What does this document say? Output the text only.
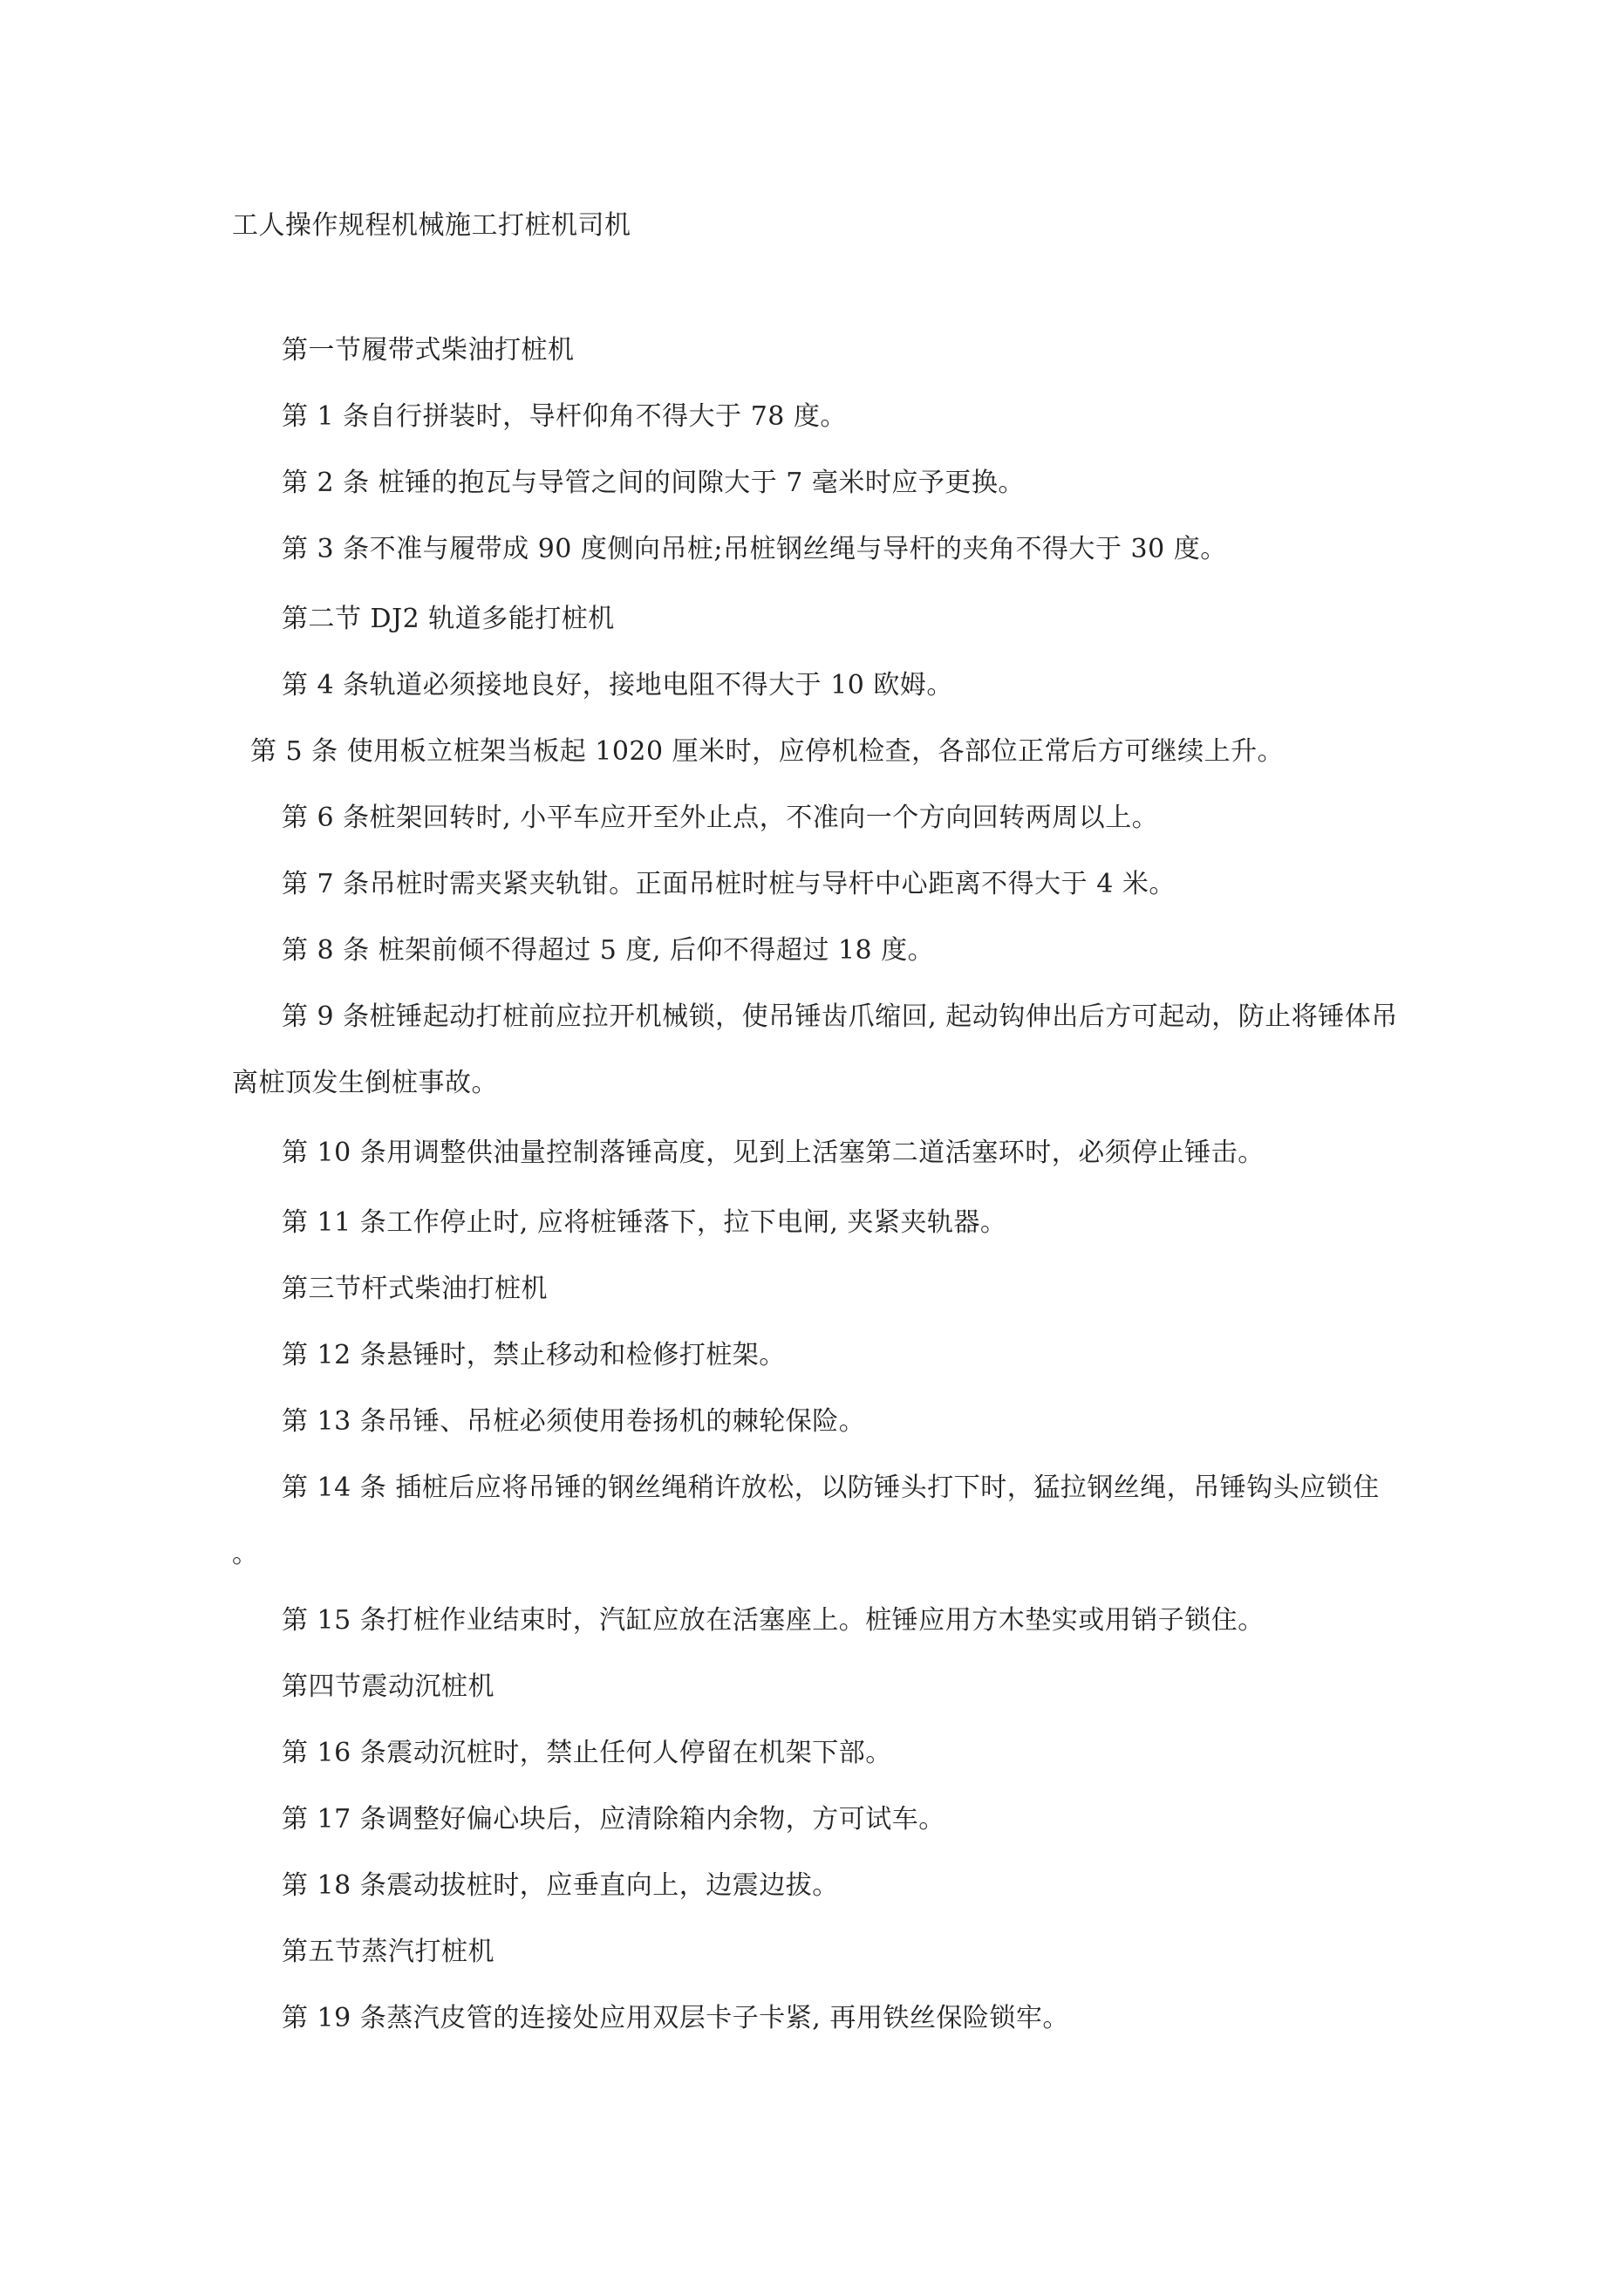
工人操作规程机械施工打桩机司机

第一节履带式柴油打桩机

第 1 条自行拼装时，导杆仰角不得大于 78 度。

第 2 条 桩锤的抱瓦与导管之间的间隙大于 7 毫米时应予更换。

第 3 条不准与履带成 90 度侧向吊桩;吊桩钢丝绳与导杆的夹角不得大于 30 度。

第二节 DJ2 轨道多能打桩机

第 4 条轨道必须接地良好，接地电阻不得大于 10 欧姆。

第 5 条 使用板立桩架当板起 1020 厘米时，应停机检查，各部位正常后方可继续上升。

第 6 条桩架回转时, 小平车应开至外止点，不准向一个方向回转两周以上。

第 7 条吊桩时需夹紧夹轨钳。正面吊桩时桩与导杆中心距离不得大于 4 米。

第 8 条 桩架前倾不得超过 5 度, 后仰不得超过 18 度。

第 9 条桩锤起动打桩前应拉开机械锁，使吊锤齿爪缩回, 起动钩伸出后方可起动，防止将锤体吊

离桩顶发生倒桩事故。

第 10 条用调整供油量控制落锤高度，见到上活塞第二道活塞环时，必须停止锤击。

第 11 条工作停止时, 应将桩锤落下，拉下电闸, 夹紧夹轨器。

第三节杆式柴油打桩机

第 12 条悬锤时，禁止移动和检修打桩架。

第 13 条吊锤、吊桩必须使用卷扬机的棘轮保险。

第 14 条 插桩后应将吊锤的钢丝绳稍许放松，以防锤头打下时，猛拉钢丝绳，吊锤钩头应锁住

。

第 15 条打桩作业结束时，汽缸应放在活塞座上。桩锤应用方木垫实或用销子锁住。

第四节震动沉桩机

第 16 条震动沉桩时，禁止任何人停留在机架下部。

第 17 条调整好偏心块后，应清除箱内余物，方可试车。

第 18 条震动拔桩时，应垂直向上，边震边拔。

第五节蒸汽打桩机

第 19 条蒸汽皮管的连接处应用双层卡子卡紧, 再用铁丝保险锁牢。
